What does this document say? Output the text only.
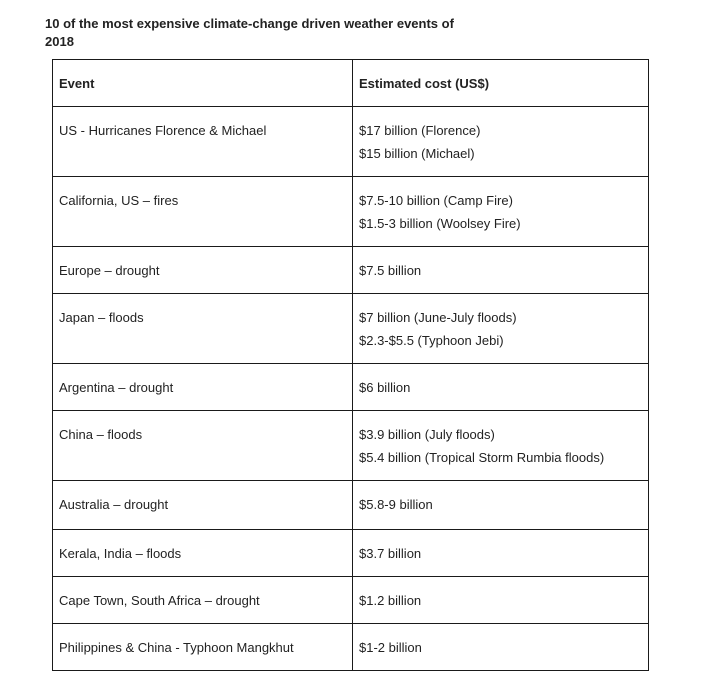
10 of the most expensive climate-change driven weather events of 2018
Event	Estimated cost (US$)
US - Hurricanes Florence & Michael	$17 billion (Florence)
$15 billion (Michael)

California, US – fires	$7.5-10 billion (Camp Fire)
$1.5-3 billion (Woolsey Fire)

Europe – drought	$7.5 billion

Japan – floods	$7 billion (June-July floods)
$2.3-$5.5 (Typhoon Jebi)

Argentina – drought	$6 billion

China – floods	$3.9 billion (July floods)
$5.4 billion (Tropical Storm Rumbia floods)

Australia – drought	$5.8-9 billion

Kerala, India – floods	$3.7 billion

Cape Town, South Africa – drought	$1.2 billion

Philippines & China - Typhoon Mangkhut	$1-2 billion
